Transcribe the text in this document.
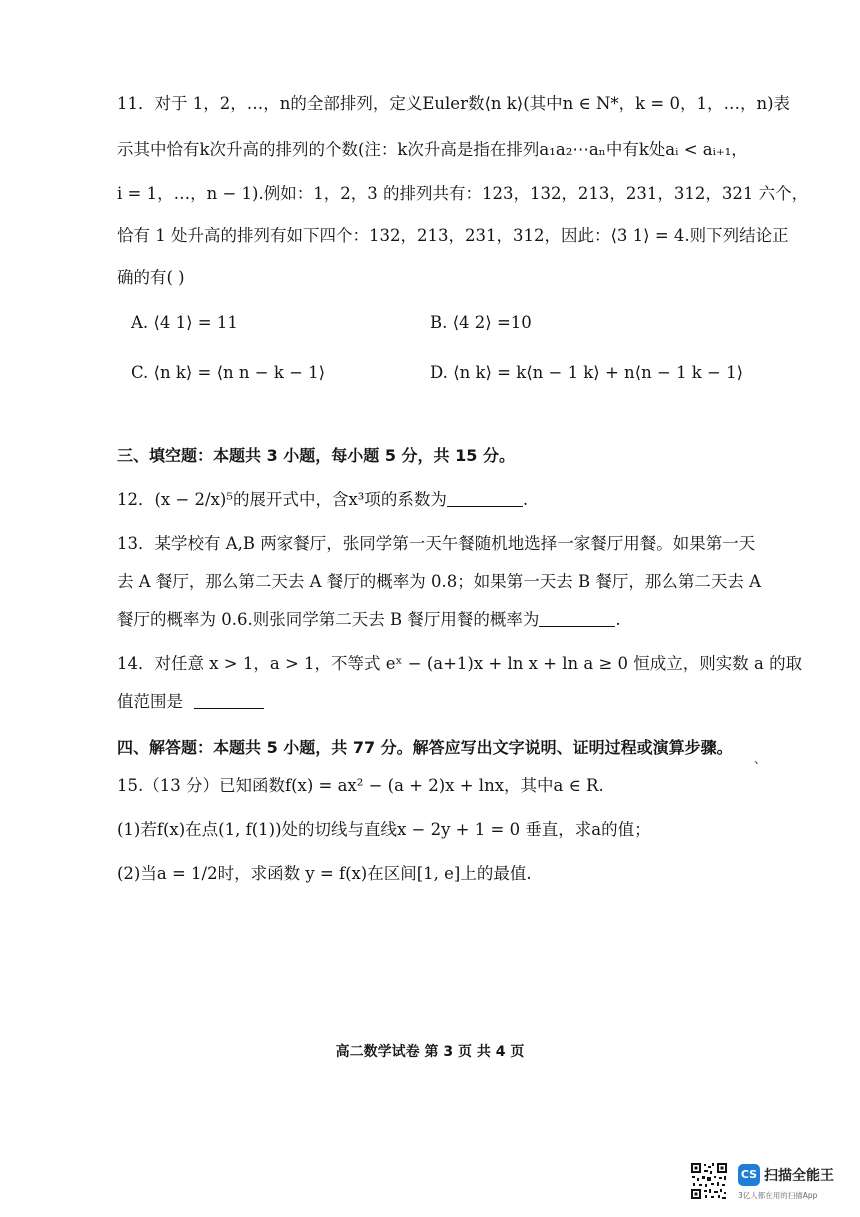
11．对于 1，2，…，n的全部排列，定义Euler数⟨n k⟩(其中n ∈ N*，k = 0，1，…，n)表
示其中恰有k次升高的排列的个数(注：k次升高是指在排列a₁a₂⋯aₙ中有k处aᵢ < aᵢ₊₁，
i = 1，…，n − 1).例如：1，2，3 的排列共有：123，132，213，231，312，321 六个，
恰有 1 处升高的排列有如下四个：132，213，231，312，因此：⟨3 1⟩ = 4.则下列结论正
确的有( )
A. ⟨4 1⟩ = 11	B. ⟨4 2⟩ =10
C. ⟨n k⟩ = ⟨n n − k − 1⟩	D. ⟨n k⟩ = k⟨n − 1 k⟩ + n⟨n − 1 k − 1⟩
三、填空题：本题共 3 小题，每小题 5 分，共 15 分。
12．(x − 2/x)⁵的展开式中，含x³项的系数为	.
13．某学校有 A,B 两家餐厅，张同学第一天午餐随机地选择一家餐厅用餐。如果第一天
去 A 餐厅，那么第二天去 A 餐厅的概率为 0.8；如果第一天去 B 餐厅，那么第二天去 A
餐厅的概率为 0.6.则张同学第二天去 B 餐厅用餐的概率为	.
14．对任意 x > 1，a > 1，不等式 eˣ − (a+1)x + ln x + ln a ≥ 0 恒成立，则实数 a 的取
值范围是
四、解答题：本题共 5 小题，共 77 分。解答应写出文字说明、证明过程或演算步骤。
、
15.（13 分）已知函数f(x) = ax² − (a + 2)x + lnx，其中a ∈ R.
(1)若f(x)在点(1, f(1))处的切线与直线x − 2y + 1 = 0 垂直，求a的值；
(2)当a = 1/2时，求函数 y = f(x)在区间[1, e]上的最值.
高二数学试卷 第 3 页 共 4 页
CS 扫描全能王
3亿人都在用的扫描App
